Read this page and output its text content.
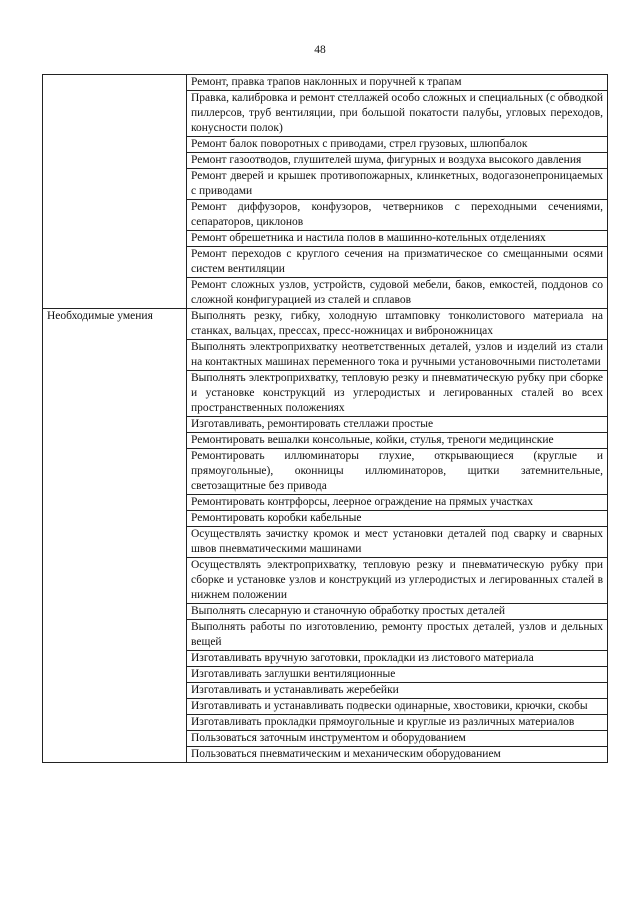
48
	Ремонт, правка трапов наклонных и поручней к трапам
	Правка, калибровка и ремонт стеллажей особо сложных и специальных (с обводкой пиллерсов, труб вентиляции, при большой покатости палубы, угловых переходов, конусности полок)
	Ремонт балок поворотных с приводами, стрел грузовых, шлюпбалок
	Ремонт газоотводов, глушителей шума, фигурных и воздуха высокого давления
	Ремонт дверей и крышек противопожарных, клинкетных, водогазонепроницаемых с приводами
	Ремонт диффузоров, конфузоров, четверников с переходными сечениями, сепараторов, циклонов
	Ремонт обрешетника и настила полов в машинно-котельных отделениях
	Ремонт переходов с круглого сечения на призматическое со смещанными осями систем вентиляции
	Ремонт сложных узлов, устройств, судовой мебели, баков, емкостей, поддонов со сложной конфигурацией из сталей и сплавов
Необходимые умения	Выполнять резку, гибку, холодную штамповку тонколистового материала на станках, вальцах, прессах, пресс-ножницах и виброножницах
	Выполнять электроприхватку неответственных деталей, узлов и изделий из стали на контактных машинах переменного тока и ручными установочными пистолетами
	Выполнять электроприхватку, тепловую резку и пневматическую рубку при сборке и установке конструкций из углеродистых и легированных сталей во всех пространственных положениях
	Изготавливать, ремонтировать стеллажи простые
	Ремонтировать вешалки консольные, койки, стулья, треноги медицинские
	Ремонтировать иллюминаторы глухие, открывающиеся (круглые и прямоугольные), оконницы иллюминаторов, щитки затемнительные, светозащитные без привода
	Ремонтировать контрфорсы, леерное ограждение на прямых участках
	Ремонтировать коробки кабельные
	Осуществлять зачистку кромок и мест установки деталей под сварку и сварных швов пневматическими машинами
	Осуществлять электроприхватку, тепловую резку и пневматическую рубку при сборке и установке узлов и конструкций из углеродистых и легированных сталей в нижнем положении
	Выполнять слесарную и станочную обработку простых деталей
	Выполнять работы по изготовлению, ремонту простых деталей, узлов и дельных вещей
	Изготавливать вручную заготовки, прокладки из листового материала
	Изготавливать заглушки вентиляционные
	Изготавливать и устанавливать жеребейки
	Изготавливать и устанавливать подвески одинарные, хвостовики, крючки, скобы
	Изготавливать прокладки прямоугольные и круглые из различных материалов
	Пользоваться заточным инструментом и оборудованием
	Пользоваться пневматическим и механическим оборудованием
